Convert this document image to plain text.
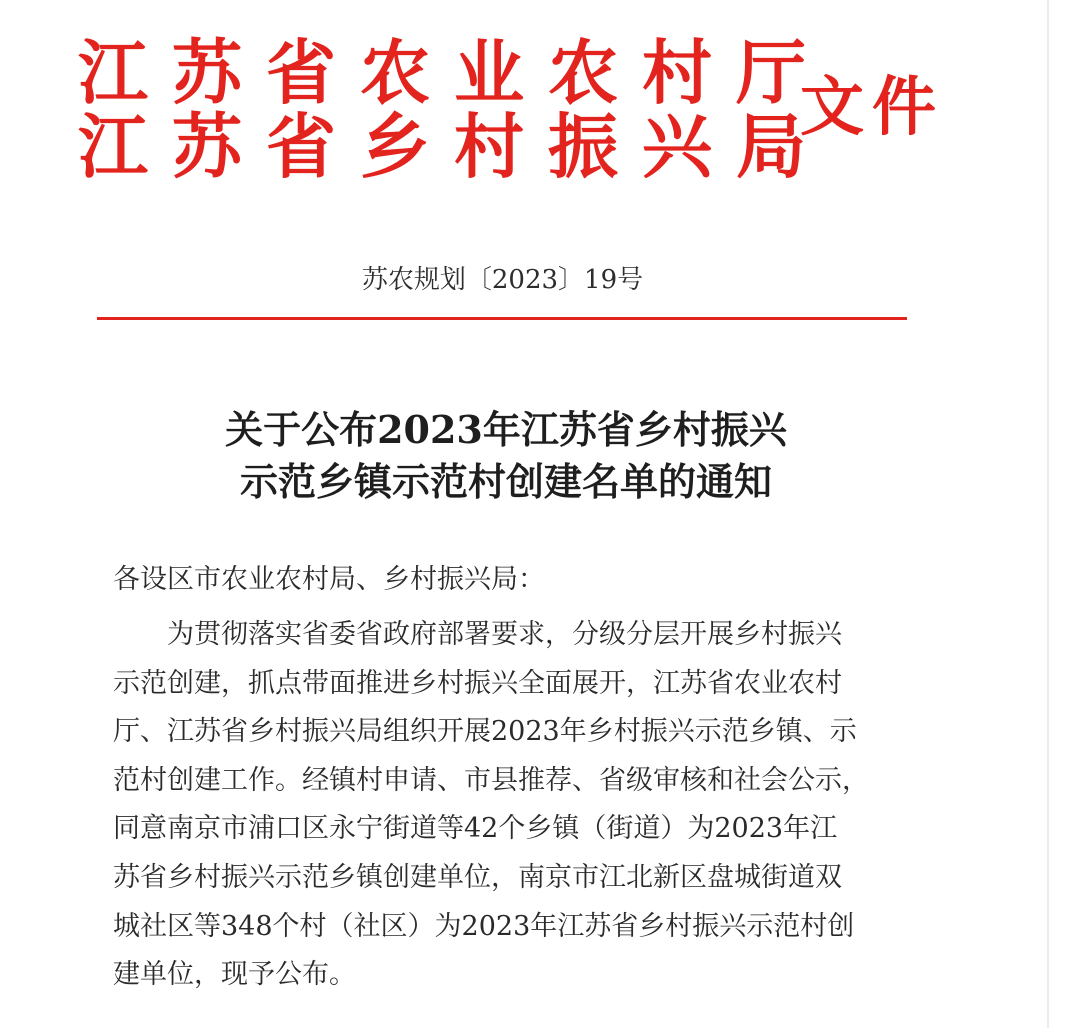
江苏省农业农村厅
江苏省乡村振兴局
文件
苏农规划〔2023〕19号
关于公布2023年江苏省乡村振兴
示范乡镇示范村创建名单的通知
各设区市农业农村局、乡村振兴局：
为贯彻落实省委省政府部署要求，分级分层开展乡村振兴
示范创建，抓点带面推进乡村振兴全面展开，江苏省农业农村
厅、江苏省乡村振兴局组织开展2023年乡村振兴示范乡镇、示
范村创建工作。经镇村申请、市县推荐、省级审核和社会公示，
同意南京市浦口区永宁街道等42个乡镇（街道）为2023年江
苏省乡村振兴示范乡镇创建单位，南京市江北新区盘城街道双
城社区等348个村（社区）为2023年江苏省乡村振兴示范村创
建单位，现予公布。
